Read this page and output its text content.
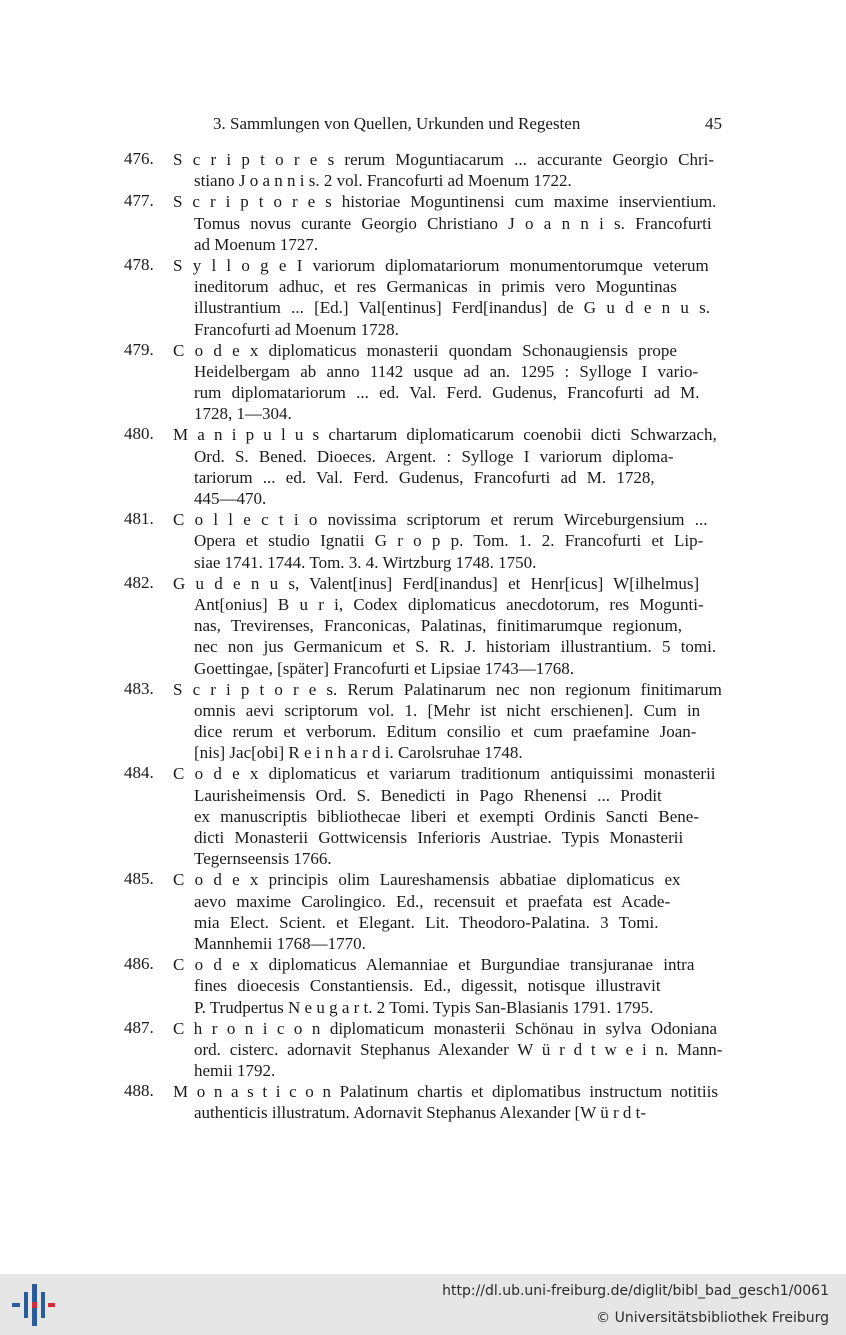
3. Sammlungen von Quellen, Urkunden und Regesten	45
476. S c r i p t o r e s rerum Moguntiacarum ... accurante Georgio Chri-
stiano J o a n n i s. 2 vol. Francofurti ad Moenum 1722.
477. S c r i p t o r e s historiae Moguntinensi cum maxime inservientium.
Tomus novus curante Georgio Christiano J o a n n i s. Francofurti
ad Moenum 1727.
478. S y l l o g e I variorum diplomatariorum monumentorumque veterum
ineditorum adhuc, et res Germanicas in primis vero Moguntinas
illustrantium ... [Ed.] Val[entinus] Ferd[inandus] de G u d e n u s.
Francofurti ad Moenum 1728.
479. C o d e x diplomaticus monasterii quondam Schonaugiensis prope
Heidelbergam ab anno 1142 usque ad an. 1295 : Sylloge I vario-
rum diplomatariorum ... ed. Val. Ferd. Gudenus, Francofurti ad M.
1728, 1—304.
480. M a n i p u l u s chartarum diplomaticarum coenobii dicti Schwarzach,
Ord. S. Bened. Dioeces. Argent. : Sylloge I variorum diploma-
tariorum ... ed. Val. Ferd. Gudenus, Francofurti ad M. 1728,
445—470.
481. C o l l e c t i o novissima scriptorum et rerum Wirceburgensium ...
Opera et studio Ignatii G r o p p. Tom. 1. 2. Francofurti et Lip-
siae 1741. 1744. Tom. 3. 4. Wirtzburg 1748. 1750.
482. G u d e n u s, Valent[inus] Ferd[inandus] et Henr[icus] W[ilhelmus]
Ant[onius] B u r i, Codex diplomaticus anecdotorum, res Mogunti-
nas, Trevirenses, Franconicas, Palatinas, finitimarumque regionum,
nec non jus Germanicum et S. R. J. historiam illustrantium. 5 tomi.
Goettingae, [später] Francofurti et Lipsiae 1743—1768.
483. S c r i p t o r e s. Rerum Palatinarum nec non regionum finitimarum
omnis aevi scriptorum vol. 1. [Mehr ist nicht erschienen]. Cum in
dice rerum et verborum. Editum consilio et cum praefamine Joan-
[nis] Jac[obi] R e i n h a r d i. Carolsruhae 1748.
484. C o d e x diplomaticus et variarum traditionum antiquissimi monasterii
Laurisheimensis Ord. S. Benedicti in Pago Rhenensi ... Prodit
ex manuscriptis bibliothecae liberi et exempti Ordinis Sancti Bene-
dicti Monasterii Gottwicensis Inferioris Austriae. Typis Monasterii
Tegernseensis 1766.
485. C o d e x principis olim Laureshamensis abbatiae diplomaticus ex
aevo maxime Carolingico. Ed., recensuit et praefata est Acade-
mia Elect. Scient. et Elegant. Lit. Theodoro-Palatina. 3 Tomi.
Mannhemii 1768—1770.
486. C o d e x diplomaticus Alemanniae et Burgundiae transjuranae intra
fines dioecesis Constantiensis. Ed., digessit, notisque illustravit
P. Trudpertus N e u g a r t. 2 Tomi. Typis San-Blasianis 1791. 1795.
487. C h r o n i c o n diplomaticum monasterii Schönau in sylva Odoniana
ord. cisterc. adornavit Stephanus Alexander W ü r d t w e i n. Mann-
hemii 1792.
488. M o n a s t i c o n Palatinum chartis et diplomatibus instructum notitiis
authenticis illustratum. Adornavit Stephanus Alexander [W ü r d t-
http://dl.ub.uni-freiburg.de/diglit/bibl_bad_gesch1/0061
© Universitätsbibliothek Freiburg
